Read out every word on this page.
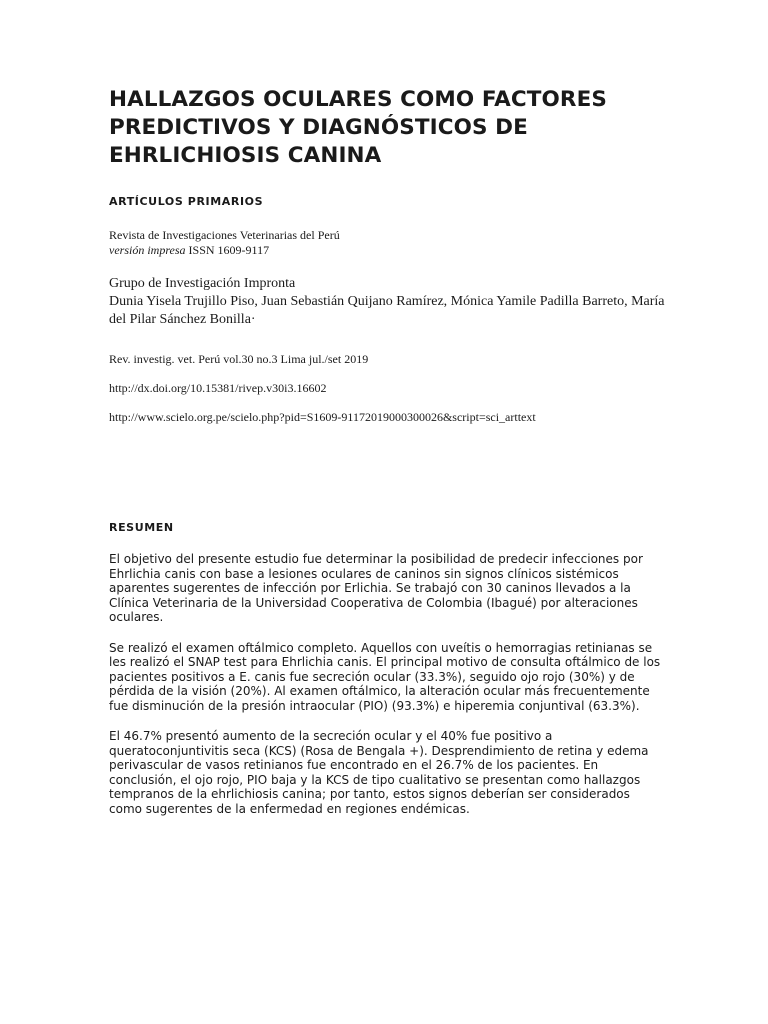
HALLAZGOS OCULARES COMO FACTORES PREDICTIVOS Y DIAGNÓSTICOS DE EHRLICHIOSIS CANINA

ARTÍCULOS PRIMARIOS

Revista de Investigaciones Veterinarias del Perú
versión impresa ISSN 1609-9117
Grupo de Investigación Impronta
Dunia Yisela Trujillo Piso, Juan Sebastián Quijano Ramírez, Mónica Yamile Padilla Barreto, María del Pilar Sánchez Bonilla·
Rev. investig. vet. Perú vol.30 no.3 Lima jul./set 2019
http://dx.doi.org/10.15381/rivep.v30i3.16602
http://www.scielo.org.pe/scielo.php?pid=S1609-91172019000300026&script=sci_arttext

RESUMEN

El objetivo del presente estudio fue determinar la posibilidad de predecir infecciones por Ehrlichia canis con base a lesiones oculares de caninos sin signos clínicos sistémicos aparentes sugerentes de infección por Erlichia. Se trabajó con 30 caninos llevados a la Clínica Veterinaria de la Universidad Cooperativa de Colombia (Ibagué) por alteraciones oculares.

Se realizó el examen oftálmico completo. Aquellos con uveítis o hemorragias retinianas se les realizó el SNAP test para Ehrlichia canis. El principal motivo de consulta oftálmico de los pacientes positivos a E. canis fue secreción ocular (33.3%), seguido ojo rojo (30%) y de pérdida de la visión (20%). Al examen oftálmico, la alteración ocular más frecuentemente fue disminución de la presión intraocular (PIO) (93.3%) e hiperemia conjuntival (63.3%).

El 46.7% presentó aumento de la secreción ocular y el 40% fue positivo a queratoconjuntivitis seca (KCS) (Rosa de Bengala +). Desprendimiento de retina y edema perivascular de vasos retinianos fue encontrado en el 26.7% de los pacientes. En conclusión, el ojo rojo, PIO baja y la KCS de tipo cualitativo se presentan como hallazgos tempranos de la ehrlichiosis canina; por tanto, estos signos deberían ser considerados como sugerentes de la enfermedad en regiones endémicas.
